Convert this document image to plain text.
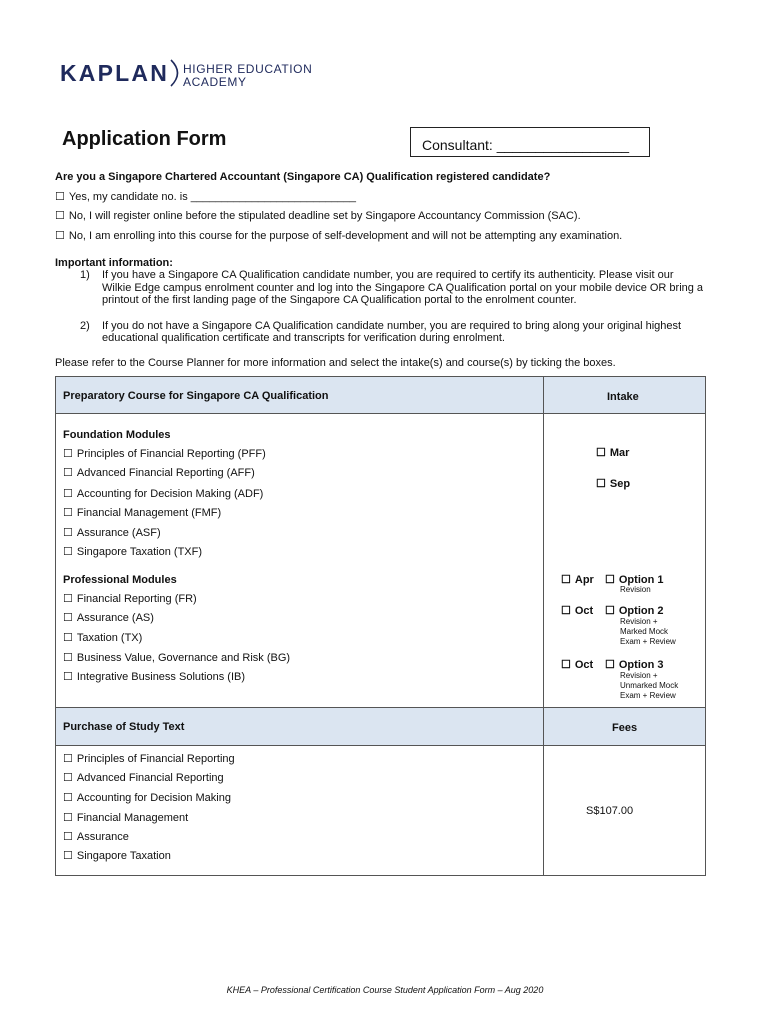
KAPLAN HIGHER EDUCATION
ACADEMY
Application Form	Consultant: _________________
Are you a Singapore Chartered Accountant (Singapore CA) Qualification registered candidate?
☐ Yes, my candidate no. is ___________________________
☐ No, I will register online before the stipulated deadline set by Singapore Accountancy Commission (SAC).
☐ No, I am enrolling into this course for the purpose of self-development and will not be attempting any examination.
Important information:
1) If you have a Singapore CA Qualification candidate number, you are required to certify its authenticity. Please visit our
Wilkie Edge campus enrolment counter and log into the Singapore CA Qualification portal on your mobile device OR bring a
printout of the first landing page of the Singapore CA Qualification portal to the enrolment counter.
2) If you do not have a Singapore CA Qualification candidate number, you are required to bring along your original highest
educational qualification certificate and transcripts for verification during enrolment.
Please refer to the Course Planner for more information and select the intake(s) and course(s) by ticking the boxes.
Preparatory Course for Singapore CA Qualification	Intake
Foundation Modules
☐ Principles of Financial Reporting (PFF)
☐ Advanced Financial Reporting (AFF)
☐ Accounting for Decision Making (ADF)
☐ Financial Management (FMF)
☐ Assurance (ASF)
☐ Singapore Taxation (TXF)
☐ Mar
☐ Sep
Professional Modules
☐ Financial Reporting (FR)
☐ Assurance (AS)
☐ Taxation (TX)
☐ Business Value, Governance and Risk (BG)
☐ Integrative Business Solutions (IB)
☐ Apr	☐ Option 1
Revision
☐ Oct	☐ Option 2
Revision +
Marked Mock
Exam + Review
☐ Oct	☐ Option 3
Revision +
Unmarked Mock
Exam + Review
Purchase of Study Text	Fees
☐ Principles of Financial Reporting
☐ Advanced Financial Reporting
☐ Accounting for Decision Making
☐ Financial Management
☐ Assurance
☐ Singapore Taxation
S$107.00
KHEA – Professional Certification Course Student Application Form – Aug 2020
